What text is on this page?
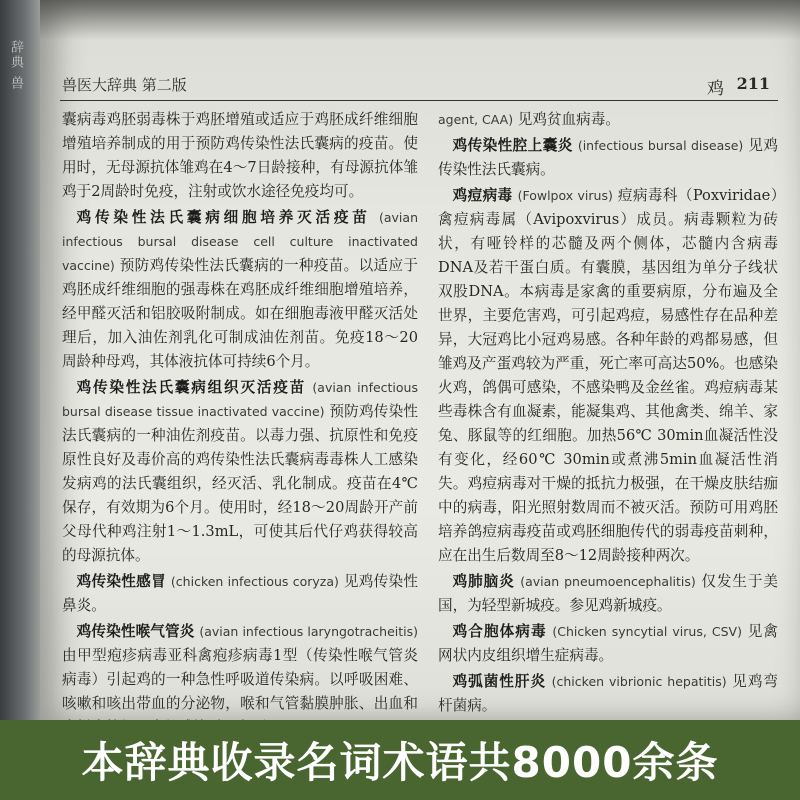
辞典 兽	兽医大辞典 第二版	鸡 211

囊病毒鸡胚弱毒株于鸡胚增殖或适应于鸡胚成纤维细胞增殖培养制成的用于预防鸡传染性法氏囊病的疫苗。使用时，无母源抗体雏鸡在4～7日龄接种，有母源抗体雏鸡于2周龄时免疫，注射或饮水途径免疫均可。

鸡传染性法氏囊病细胞培养灭活疫苗 (avian infectious bursal disease cell culture inactivated vaccine) 预防鸡传染性法氏囊病的一种疫苗。以适应于鸡胚成纤维细胞的强毒株在鸡胚成纤维细胞增殖培养，经甲醛灭活和铝胶吸附制成。如在细胞毒液甲醛灭活处理后，加入油佐剂乳化可制成油佐剂苗。免疫18～20周龄种母鸡，其体液抗体可持续6个月。

鸡传染性法氏囊病组织灭活疫苗 (avian infectious bursal disease tissue inactivated vaccine) 预防鸡传染性法氏囊病的一种油佐剂疫苗。以毒力强、抗原性和免疫原性良好及毒价高的鸡传染性法氏囊病毒毒株人工感染发病鸡的法氏囊组织，经灭活、乳化制成。疫苗在4℃保存，有效期为6个月。使用时，经18～20周龄开产前父母代种鸡注射1～1.3mL，可使其后代仔鸡获得较高的母源抗体。

鸡传染性感冒 (chicken infectious coryza) 见鸡传染性鼻炎。

鸡传染性喉气管炎 (avian infectious laryngotracheitis) 由甲型疱疹病毒亚科禽疱疹病毒1型（传染性喉气管炎病毒）引起鸡的一种急性呼吸道传染病。以呼吸困难、咳嗽和咳出带血的分泌物，喉和气管黏膜肿胀、出血和

agent, CAA) 见鸡贫血病毒。

鸡传染性腔上囊炎 (infectious bursal disease) 见鸡传染性法氏囊病。

鸡痘病毒 (Fowlpox virus) 痘病毒科（Poxviridae）禽痘病毒属（Avipoxvirus）成员。病毒颗粒为砖状，有哑铃样的芯髓及两个侧体，芯髓内含病毒DNA及若干蛋白质。有囊膜，基因组为单分子线状双股DNA。本病毒是家禽的重要病原，分布遍及全世界，主要危害鸡，可引起鸡痘，易感性存在品种差异，大冠鸡比小冠鸡易感。各种年龄的鸡都易感，但雏鸡及产蛋鸡较为严重，死亡率可高达50%。也感染火鸡，鸽偶可感染，不感染鸭及金丝雀。鸡痘病毒某些毒株含有血凝素，能凝集鸡、其他禽类、绵羊、家兔、豚鼠等的红细胞。加热56℃ 30min血凝活性没有变化，经60℃ 30min或煮沸5min血凝活性消失。鸡痘病毒对干燥的抵抗力极强，在干燥皮肤结痂中的病毒，阳光照射数周而不被灭活。预防可用鸡胚培养鸽痘病毒疫苗或鸡胚细胞传代的弱毒疫苗刺种，应在出生后数周至8～12周龄接种两次。

鸡肺脑炎 (avian pneumoencephalitis) 仅发生于美国，为轻型新城疫。参见鸡新城疫。

鸡合胞体病毒 (Chicken syncytial virus, CSV) 见禽网状内皮组织增生症病毒。

鸡弧菌性肝炎 (chicken vibrionic hepatitis) 见鸡弯杆菌病。

本辞典收录名词术语共8000余条
